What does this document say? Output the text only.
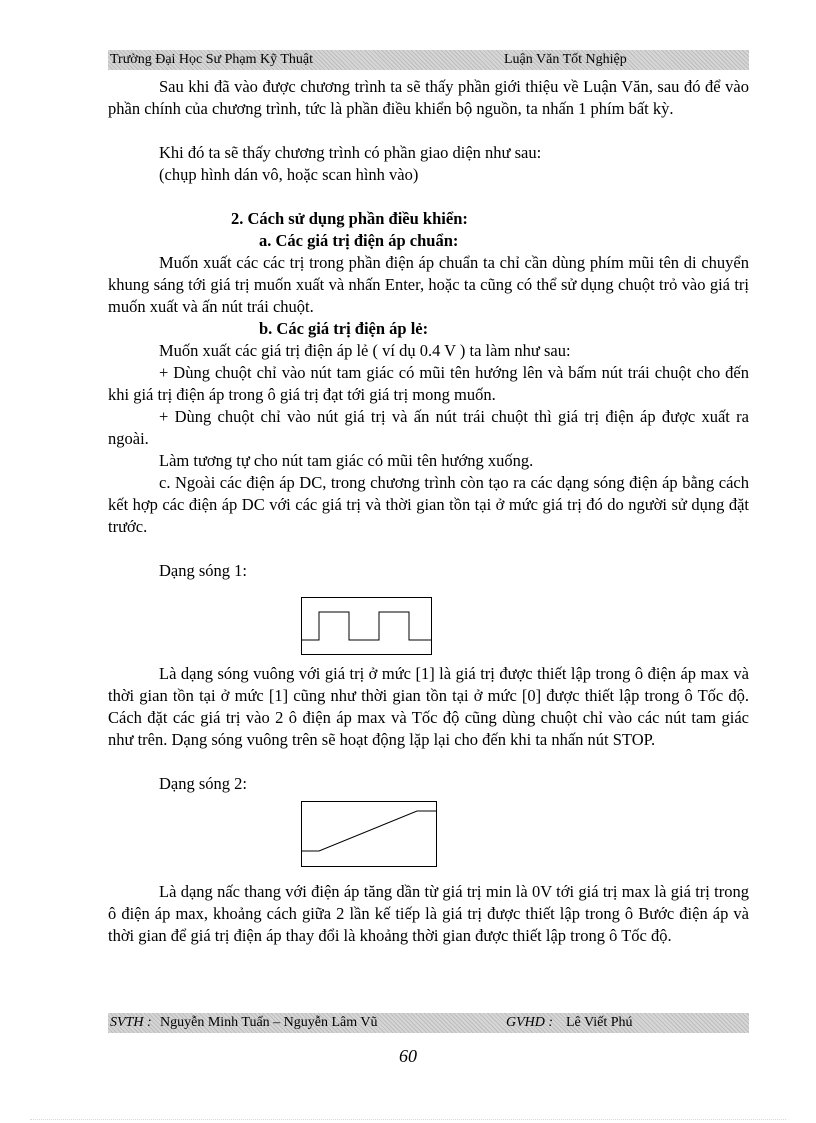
Trường Đại Học Sư Phạm Kỹ Thuật	Luận Văn Tốt Nghiệp

Sau khi đã vào được chương trình ta sẽ thấy phần giới thiệu về Luận Văn, sau đó để vào phần chính của chương trình, tức là phần điều khiển bộ nguồn, ta nhấn 1 phím bất kỳ.

Khi đó ta sẽ thấy chương trình có phần giao diện như sau:

(chụp hình dán vô, hoặc scan hình vào)

2. Cách sử dụng phần điều khiển:

a. Các giá trị điện áp chuẩn:

Muốn xuất các các trị trong phần điện áp chuẩn ta chỉ cần dùng phím mũi tên di chuyển khung sáng tới giá trị muốn xuất và nhấn Enter, hoặc ta cũng có thể sử dụng chuột trỏ vào giá trị muốn xuất và ấn nút trái chuột.

b. Các giá trị điện áp lẻ:

Muốn xuất các giá trị điện áp lẻ ( ví dụ 0.4 V ) ta làm như sau:

+ Dùng chuột chỉ vào nút tam giác có mũi tên hướng lên và bấm nút trái chuột cho đến khi giá trị điện áp trong ô giá trị đạt tới giá trị mong muốn.

+ Dùng chuột chỉ vào nút giá trị và ấn nút trái chuột thì giá trị điện áp được xuất ra ngoài.

Làm tương tự cho nút tam giác có mũi tên hướng xuống.

c. Ngoài các điện áp DC, trong chương trình còn tạo ra các dạng sóng điện áp bằng cách kết hợp các điện áp DC với các giá trị và thời gian tồn tại ở mức giá trị đó do người sử dụng đặt trước.

Dạng sóng 1:

Là dạng sóng vuông với giá trị ở mức [1] là giá trị được thiết lập trong ô điện áp max và thời gian tồn tại ở mức [1] cũng như thời gian tồn tại ở mức [0] được thiết lập trong ô Tốc độ. Cách đặt các giá trị vào 2 ô điện áp max và Tốc độ cũng dùng chuột chỉ vào các nút tam giác như trên. Dạng sóng vuông trên sẽ hoạt động lặp lại cho đến khi ta nhấn nút STOP.

Dạng sóng 2:

Là dạng nấc thang với điện áp tăng dần từ giá trị min là 0V tới giá trị max là giá trị trong ô điện áp max, khoảng cách giữa 2 lần kế tiếp là giá trị được thiết lập trong ô Bước điện áp và thời gian để giá trị điện áp thay đổi là khoảng thời gian được thiết lập trong ô Tốc độ.

SVTH : Nguyễn Minh Tuấn – Nguyễn Lâm Vũ	GVHD : Lê Viết Phú
60
